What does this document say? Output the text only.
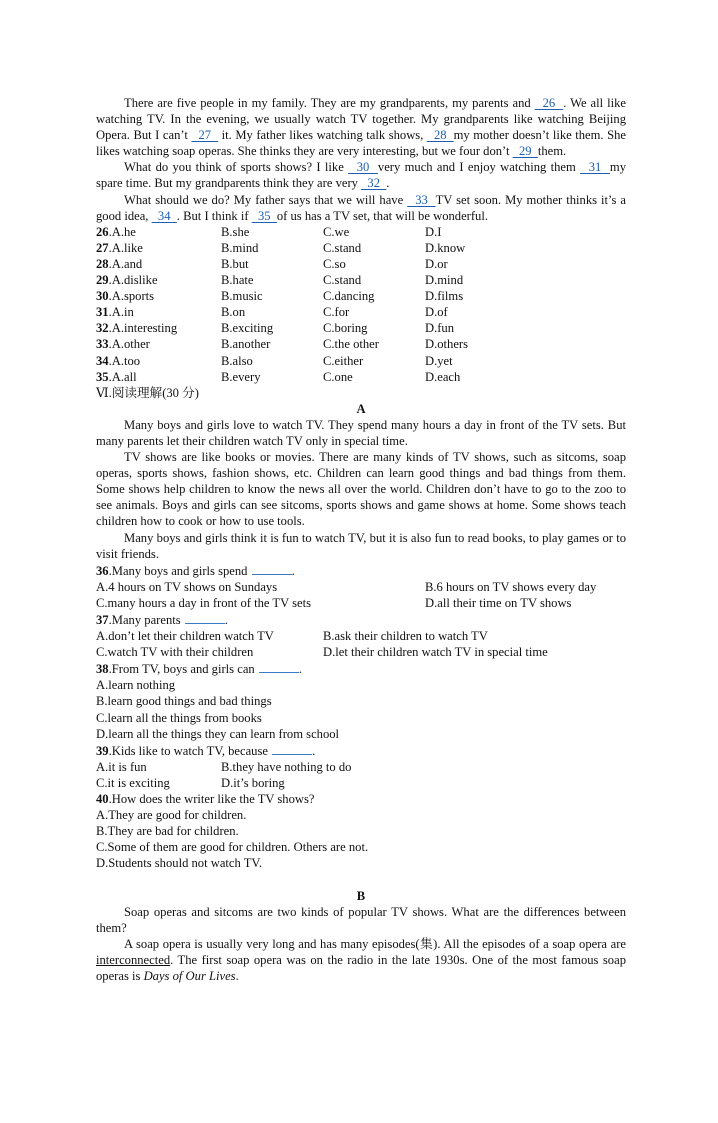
There are five people in my family. They are my grandparents, my parents and   26  . We all like watching TV. In the evening, we usually watch TV together. My grandparents like watching Beijing Opera. But I can’t   27   it. My father likes watching talk shows,   28  my mother doesn’t like them. She likes watching soap operas. She thinks they are very interesting, but we four don’t   29  them.

What do you think of sports shows? I like   30  very much and I enjoy watching them   31  my spare time. But my grandparents think they are very   32  .

What should we do? My father says that we will have   33  TV set soon. My mother thinks it’s a good idea,   34  . But I think if   35  of us has a TV set, that will be wonderful.

26.A.he	B.she	C.we	D.I
27.A.like	B.mind	C.stand	D.know
28.A.and	B.but	C.so	D.or
29.A.dislike	B.hate	C.stand	D.mind
30.A.sports	B.music	C.dancing	D.films
31.A.in	B.on	C.for	D.of
32.A.interesting	B.exciting	C.boring	D.fun
33.A.other	B.another	C.the other	D.others
34.A.too	B.also	C.either	D.yet
35.A.all	B.every	C.one	D.each

Ⅵ.阅读理解(30 分)

A

Many boys and girls love to watch TV. They spend many hours a day in front of the TV sets. But many parents let their children watch TV only in special time.

TV shows are like books or movies. There are many kinds of TV shows, such as sitcoms, soap operas, sports shows, fashion shows, etc. Children can learn good things and bad things from them. Some shows help children to know the news all over the world. Children don’t have to go to the zoo to see animals. Boys and girls can see sitcoms, sports shows and game shows at home. Some shows teach children how to cook or how to use tools.

Many boys and girls think it is fun to watch TV, but it is also fun to read books, to play games or to visit friends.

36.Many boys and girls spend	.

A.4 hours on TV shows on Sundays	B.6 hours on TV shows every day
C.many hours a day in front of the TV sets	D.all their time on TV shows

37.Many parents	.

A.don’t let their children watch TV	B.ask their children to watch TV
C.watch TV with their children	D.let their children watch TV in special time

38.From TV, boys and girls can	.

A.learn nothing

B.learn good things and bad things

C.learn all the things from books

D.learn all the things they can learn from school

39.Kids like to watch TV, because	.

A.it is fun	B.they have nothing to do
C.it is exciting	D.it’s boring

40.How does the writer like the TV shows?

A.They are good for children.

B.They are bad for children.

C.Some of them are good for children. Others are not.

D.Students should not watch TV.

B

Soap operas and sitcoms are two kinds of popular TV shows. What are the differences between them?

A soap opera is usually very long and has many episodes(集). All the episodes of a soap opera are interconnected. The first soap opera was on the radio in the late 1930s. One of the most famous soap operas is Days of Our Lives.
